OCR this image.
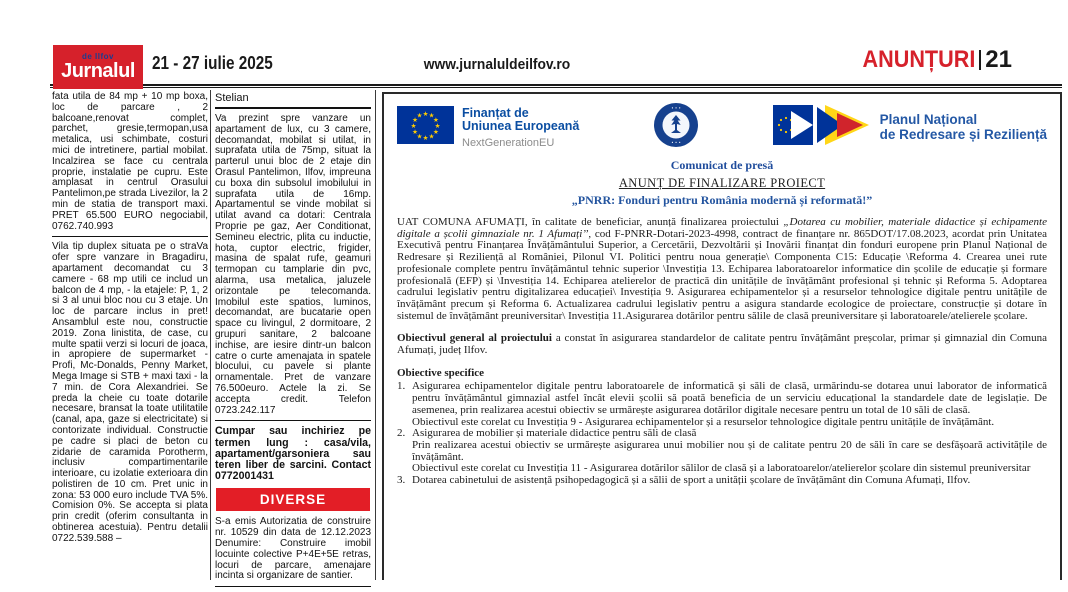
de Ilfov
Jurnalul 21 - 27 iulie 2025	www.jurnaluldeilfov.ro	ANUNȚURI 21

fata utila de 84 mp + 10 mp boxa, loc de parcare , 2 balcoane,renovat complet, parchet, gresie,termopan,usa metalica, usi schimbate, costuri mici de intretinere, partial mobilat. Incalzirea se face cu centrala proprie, instalatie pe cupru. Este amplasat in centrul Orasului Pantelimon,pe strada Livezilor, la 2 min de statia de transport maxi. PRET 65.500 EURO negociabil, 0762.740.993

Vila tip duplex situata pe o straVa ofer spre vanzare in Bragadiru, apartament decomandat cu 3 camere - 68 mp utili ce includ un balcon de 4 mp, - la etajele: P, 1, 2 si 3 al unui bloc nou cu 3 etaje. Un loc de parcare inclus in pret! Ansamblul este nou, constructie 2019. Zona linistita, de case, cu multe spatii verzi si locuri de joaca, in apropiere de supermarket - Profi, Mc-Donalds, Penny Market, Mega Image si STB + maxi taxi - la 7 min. de Cora Alexandriei. Se preda la cheie cu toate dotarile necesare, bransat la toate utilitatile (canal, apa, gaze si electricitate) si contorizate individual. Constructie pe cadre si placi de beton cu zidarie de caramida Porotherm, inclusiv compartimentarile interioare, cu izolatie exterioara din polistiren de 10 cm. Pret unic in zona: 53 000 euro include TVA 5%. Comision 0%. Se accepta si plata prin credit (oferim consultanta in obtinerea acestuia). Pentru detalii 0722.539.588 –

Stelian

Va prezint spre vanzare un apartament de lux, cu 3 camere, decomandat, mobilat si utilat, in suprafata utila de 75mp, situat la parterul unui bloc de 2 etaje din Orasul Pantelimon, Ilfov, impreuna cu boxa din subsolul imobilului in suprafata utila de 16mp. Apartamentul se vinde mobilat si utilat avand ca dotari: Centrala Proprie pe gaz, Aer Conditionat, Semineu electric, plita cu inductie, hota, cuptor electric, frigider, masina de spalat rufe, geamuri termopan cu tamplarie din pvc, alarma, usa metalica, jaluzele orizontale pe telecomanda. Imobilul este spatios, luminos, decomandat, are bucatarie open space cu livingul, 2 dormitoare, 2 grupuri sanitare, 2 balcoane inchise, are iesire dintr-un balcon catre o curte amenajata in spatele blocului, cu pavele si plante ornamentale. Pret de vanzare 76.500euro. Actele la zi. Se accepta credit. Telefon 0723.242.117

Cumpar sau inchiriez pe termen lung : casa/vila, apartament/garsoniera sau teren liber de sarcini. Contact 0772001431

DIVERSE

S-a emis Autorizatia de construire nr. 10529 din data de 12.12.2023 Denumire: Construire imobil locuinte colective P+4E+5E retras, locuri de parcare, amenajare incinta si organizare de santier.

★ ★
★
★
★
★
★
★
★
★
★
★	Finanțat de
Uniunea Europeană
NextGenerationEU
• • •
• • •
Planul Național
de Redresare și Reziliență
Comunicat de presă
ANUNȚ DE FINALIZARE PROIECT
„PNRR: Fonduri pentru România modernă și reformată!”

UAT COMUNA AFUMAȚI, în calitate de beneficiar, anunță finalizarea proiectului „Dotarea cu mobilier, materiale didactice și echipamente digitale a școlii gimnaziale nr. 1 Afumați’’, cod F-PNRR-Dotari-2023-4998, contract de finanțare nr. 865DOT/17.08.2023, acordat prin Unitatea Executivă pentru Finanțarea Învățământului Superior, a Cercetării, Dezvoltării și Inovării finanțat din fonduri europene prin Planul Național de Redresare și Reziliență al României, Pilonul VI. Politici pentru noua generație\ Componenta C15: Educație \Reforma 4. Crearea unei rute profesionale complete pentru învățământul tehnic superior \Investiția 13. Echiparea laboratoarelor informatice din școlile de educație și formare profesională (EFP) și \Investiția 14. Echiparea atelierelor de practică din unitățile de învățământ profesional și tehnic și Reforma 5. Adoptarea cadrului legislativ pentru digitalizarea educației\ Investiția 9. Asigurarea echipamentelor și a resurselor tehnologice digitale pentru unitățile de învățământ precum și Reforma 6. Actualizarea cadrului legislativ pentru a asigura standarde ecologice de proiectare, construcție și dotare în sistemul de învățământ preuniversitar\ Investiția 11.Asigurarea dotărilor pentru sălile de clasă preuniversitare și laboratoarele/atelierele școlare.

Obiectivul general al proiectului a constat în asigurarea standardelor de calitate pentru învățământ preșcolar, primar și gimnazial din Comuna Afumați, județ Ilfov.

Obiective specifice
1. Asigurarea echipamentelor digitale pentru laboratoarele de informatică și săli de clasă, urmărindu-se dotarea unui laborator de informatică pentru învățământul gimnazial astfel încât elevii școlii să poată beneficia de un serviciu educațional la standardele date de legislație. De asemenea, prin realizarea acestui obiectiv se urmărește asigurarea dotărilor digitale necesare pentru un total de 10 săli de clasă.

Obiectivul este corelat cu Investiția 9 - Asigurarea echipamentelor și a resurselor tehnologice digitale pentru unitățile de învățământ.

2. Asigurarea de mobilier și materiale didactice pentru săli de clasă

Prin realizarea acestui obiectiv se urmărește asigurarea unui mobilier nou și de calitate pentru 20 de săli în care se desfășoară activitățile de învățământ.

Obiectivul este corelat cu Investiția 11 - Asigurarea dotărilor sălilor de clasă și a laboratoarelor/atelierelor școlare din sistemul preuniversitar

3. Dotarea cabinetului de asistență psihopedagogică și a sălii de sport a unității școlare de învățământ din Comuna Afumați, Ilfov.
